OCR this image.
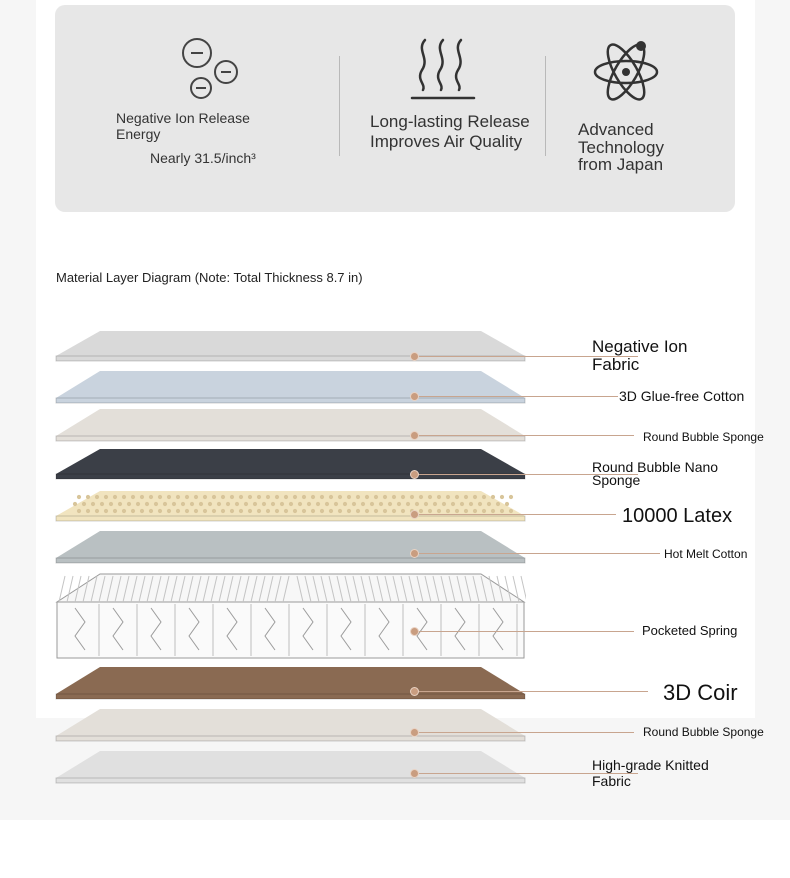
Negative Ion Release Energy
Nearly 31.5/inch³
Long-lasting Release Improves Air Quality
Advanced Technology from Japan
Material Layer Diagram (Note: Total Thickness 8.7 in)
Negative Ion Fabric
3D Glue-free Cotton
Round Bubble Sponge
Round Bubble Nano Sponge
10000 Latex
Hot Melt Cotton
Pocketed Spring
3D Coir
Round Bubble Sponge
High-grade Knitted Fabric
